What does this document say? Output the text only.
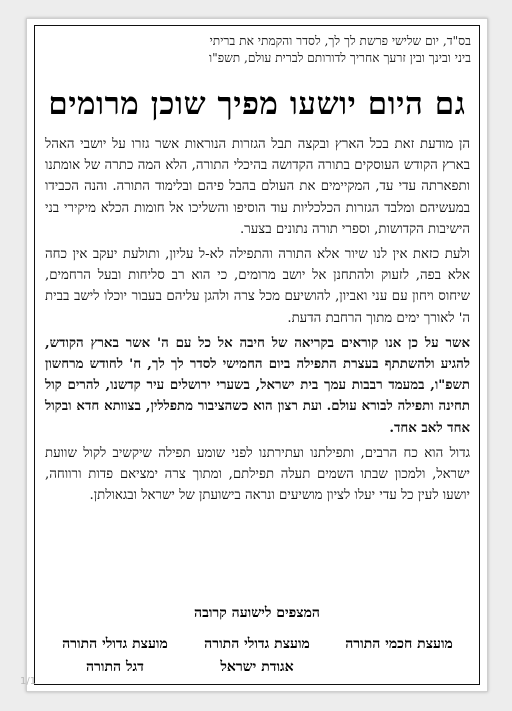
בס"ד, יום שלישי פרשת לך לך, לסדר והקמתי את בריתי
ביני ובינך ובין זרעך אחריך לדורותם לברית עולם, תשפ"ו
גם היום יושעו מפיך שוכן מרומים

הן מודעת זאת בכל הארץ ובקצה תבל הגזרות הנוראות אשר גזרו על יושבי האהל בארץ הקודש העוסקים בתורה הקדושה בהיכלי התורה, הלא המה כתרה של אומתנו ותפארתה עדי עד, המקיימים את העולם בהבל פיהם ובלימוד התורה. והנה הכבידו במעשיהם ומלבד הגזרות הכלכליות עוד הוסיפו והשליכו אל חומות הכלא מיקירי בני הישיבות הקדושות, וספרי תורה נתונים בצער.

ולעת כזאת אין לנו שיור אלא התורה והתפילה לא-ל עליון, ותולעת יעקב אין כחה אלא בפה, לזעוק ולהתחנן אל יושב מרומים, כי הוא רב סליחות ובעל הרחמים, שיחוס ויחון עם עני ואביון, להושיעם מכל צרה ולהגן עליהם בעבור יוכלו לישב בבית ה' לאורך ימים מתוך הרחבת הדעת.

אשר על כן אנו קוראים בקריאה של חיבה אל כל עם ה' אשר בארץ הקודש, להגיע ולהשתתף בעצרת התפילה ביום החמישי לסדר לך לך, ח' לחודש מרחשון תשפ"ו, במעמד רבבות עמך בית ישראל, בשערי ירושלים עיר קדשנו, להרים קול תחינה ותפילה לבורא עולם. ועת רצון הוא כשהציבור מתפללין, בצוותא חדא ובקול אחד לאב אחד.

גדול הוא כח הרבים, ותפילתנו ועתירתנו לפני שומע תפילה שיקשיב לקול שוועת ישראל, ולמכון שבתו השמים תעלה תפילתם, ומתוך צרה ימציאם פדות ורווחה, יושעו לעין כל עדי יעלו לציון מושיעים ונראה בישועתן של ישראל ובגאולתן.

המצפים לישועה קרובה
מועצת חכמי התורה
מועצת גדולי התורה
מועצת גדולי התורה
אגודת ישראל
דגל התורה
1/1
